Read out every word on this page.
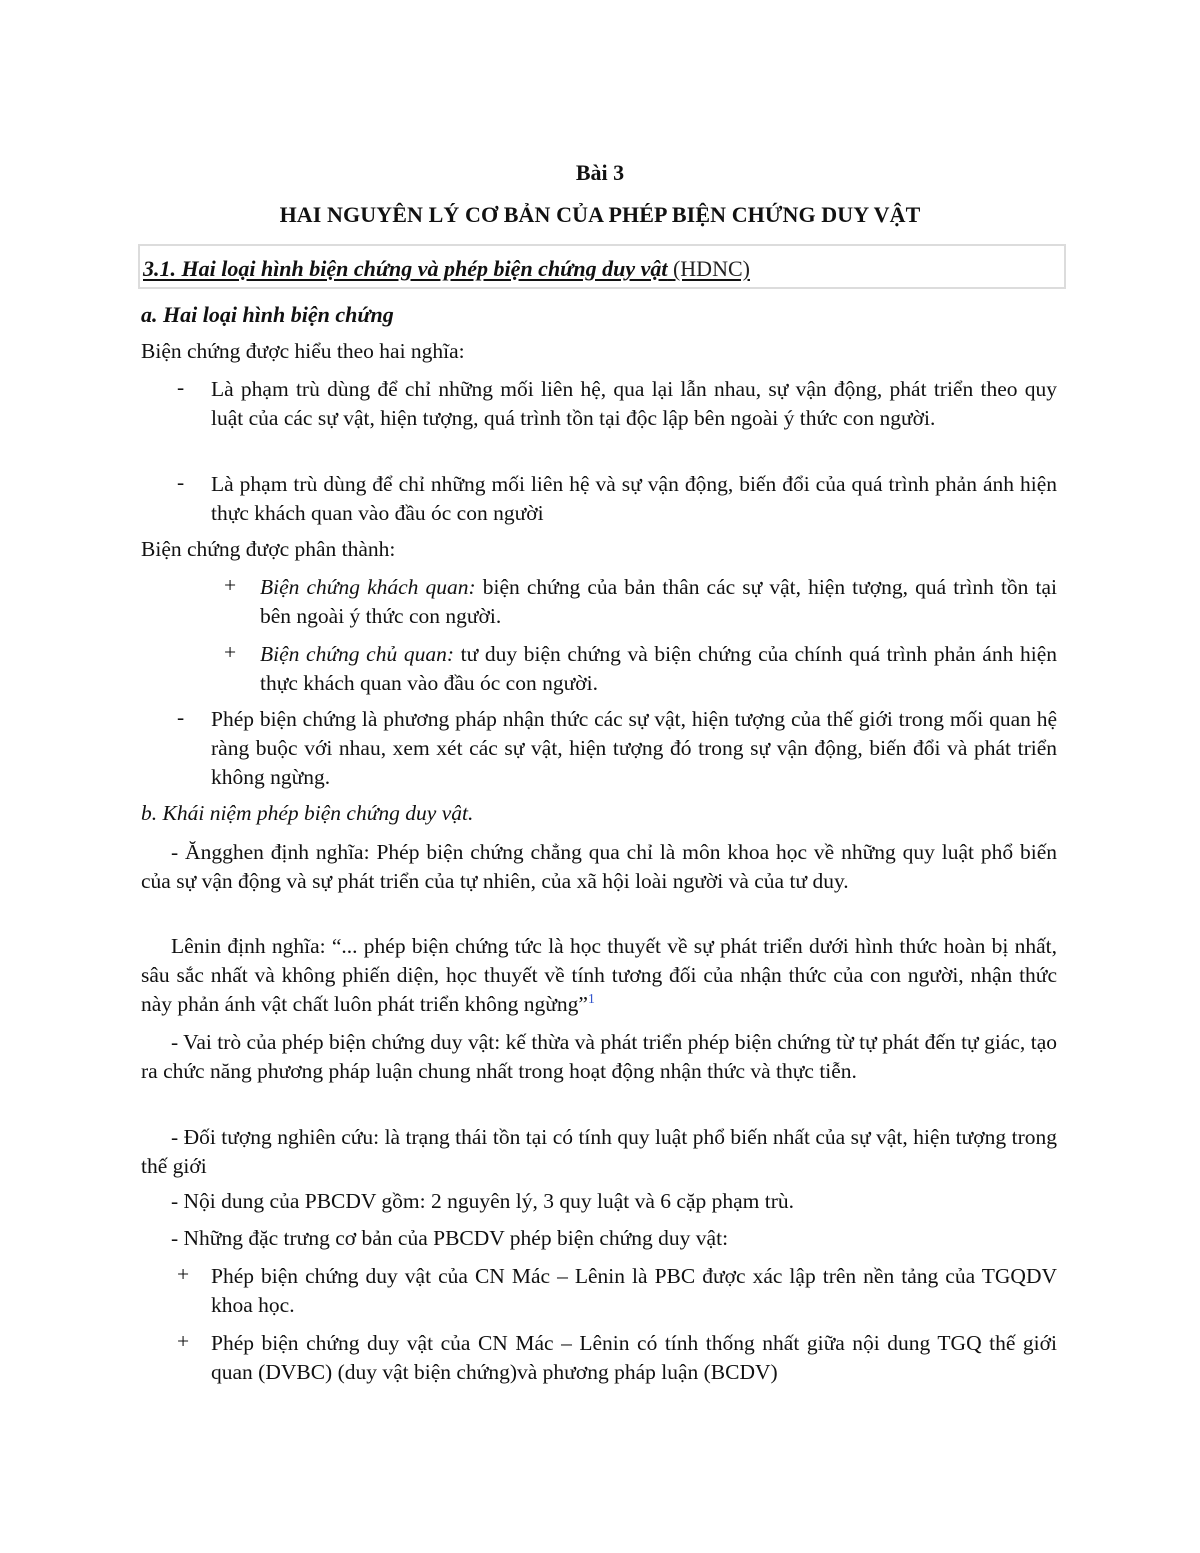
Bài 3
HAI NGUYÊN LÝ CƠ BẢN CỦA PHÉP BIỆN CHỨNG DUY VẬT
3.1. Hai loại hình biện chứng và phép biện chứng duy vật (HDNC)
a. Hai loại hình biện chứng
Biện chứng được hiểu theo hai nghĩa:
- Là phạm trù dùng để chỉ những mối liên hệ, qua lại lẫn nhau, sự vận động, phát triển theo quy luật của các sự vật, hiện tượng, quá trình tồn tại độc lập bên ngoài ý thức con người.
- Là phạm trù dùng để chỉ những mối liên hệ và sự vận động, biến đổi của quá trình phản ánh hiện thực khách quan vào đầu óc con người
Biện chứng được phân thành:
+ Biện chứng khách quan: biện chứng của bản thân các sự vật, hiện tượng, quá trình tồn tại bên ngoài ý thức con người.
+ Biện chứng chủ quan: tư duy biện chứng và biện chứng của chính quá trình phản ánh hiện thực khách quan vào đầu óc con người.
- Phép biện chứng là phương pháp nhận thức các sự vật, hiện tượng của thế giới trong mối quan hệ ràng buộc với nhau, xem xét các sự vật, hiện tượng đó trong sự vận động, biến đổi và phát triển không ngừng.
b. Khái niệm phép biện chứng duy vật.
- Ăngghen định nghĩa: Phép biện chứng chẳng qua chỉ là môn khoa học về những quy luật phổ biến của sự vận động và sự phát triển của tự nhiên, của xã hội loài người và của tư duy.
Lênin định nghĩa: “... phép biện chứng tức là học thuyết về sự phát triển dưới hình thức hoàn bị nhất, sâu sắc nhất và không phiến diện, học thuyết về tính tương đối của nhận thức của con người, nhận thức này phản ánh vật chất luôn phát triển không ngừng”$^1$
- Vai trò của phép biện chứng duy vật: kế thừa và phát triển phép biện chứng từ tự phát đến tự giác, tạo ra chức năng phương pháp luận chung nhất trong hoạt động nhận thức và thực tiễn.
- Đối tượng nghiên cứu: là trạng thái tồn tại có tính quy luật phổ biến nhất của sự vật, hiện tượng trong thế giới
- Nội dung của PBCDV gồm: 2 nguyên lý, 3 quy luật và 6 cặp phạm trù.
- Những đặc trưng cơ bản của PBCDV phép biện chứng duy vật:
+ Phép biện chứng duy vật của CN Mác – Lênin là PBC được xác lập trên nền tảng của TGQDV khoa học.
+ Phép biện chứng duy vật của CN Mác – Lênin có tính thống nhất giữa nội dung TGQ thế giới quan (DVBC) (duy vật biện chứng)và phương pháp luận (BCDV)
